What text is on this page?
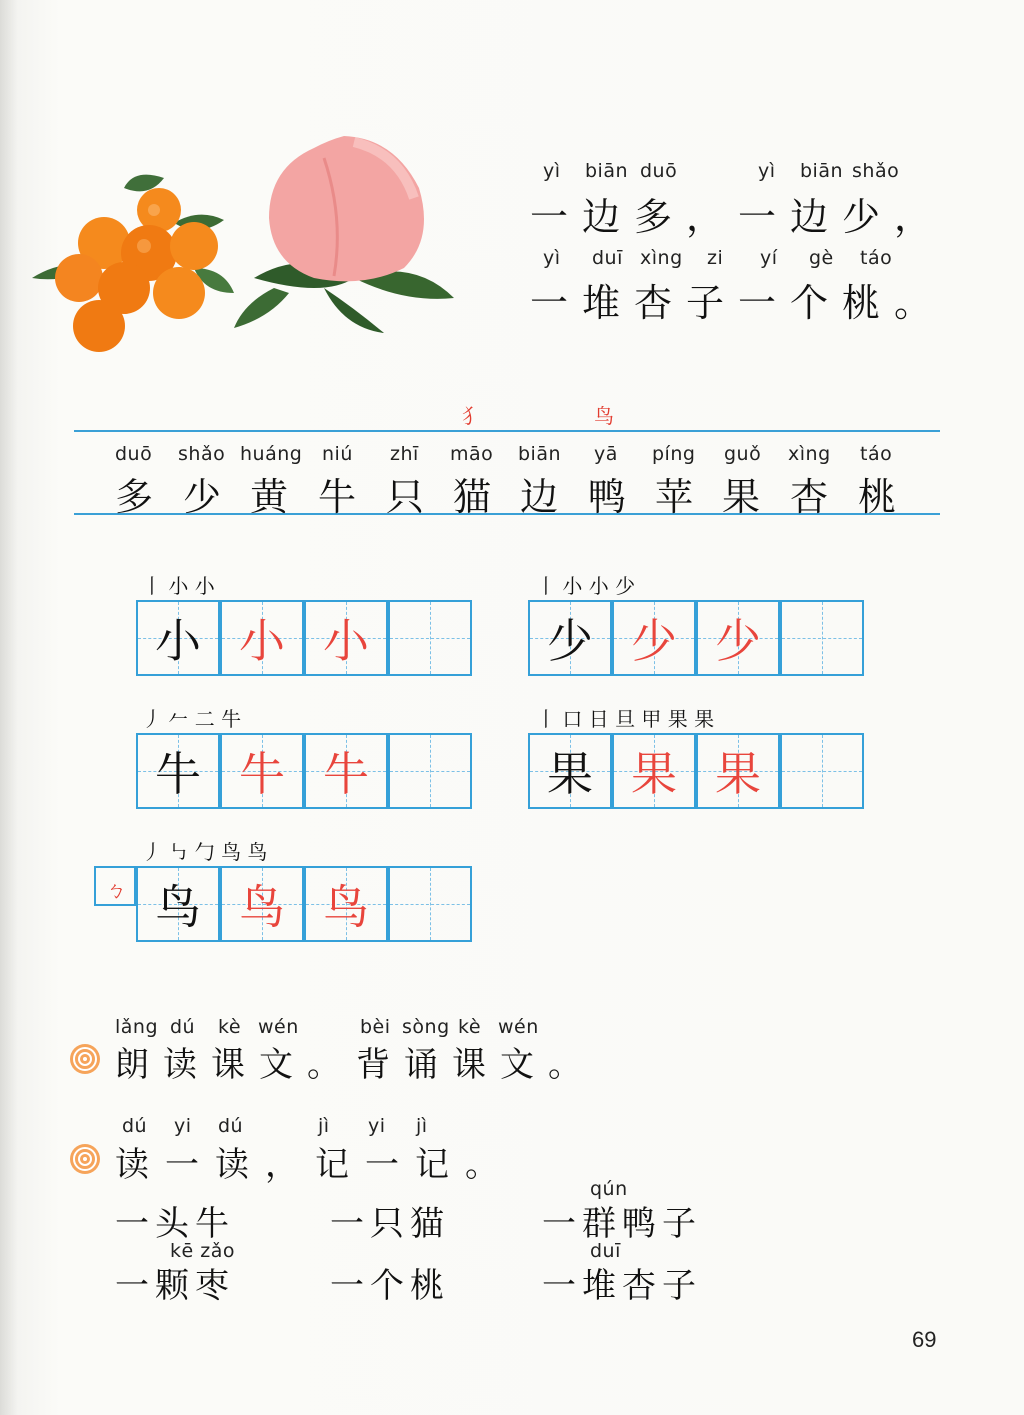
yì biān duō	yì biān shǎo
一边多，一边少，
yì duī xìng zi yí gè táo
一堆杏子一个桃。
犭	鸟
duō shǎo huáng niú zhī māo biān yā píng guǒ xìng táo
多 少 黄 牛 只 猫 边 鸭 苹 果 杏 桃
丨 小 小
小 小 小
丨 小 小 少
少 少 少
丿 𠂉 二 牛
牛 牛 牛
丨 口 日 旦 甲 果 果
果 果 果
丿 ㇉ 勹 鸟 鸟
ㄅ 鸟 鸟 鸟
lǎng dú kè wén	bèi sòng kè wén
朗读课文。 背诵课文。
dú yi dú	jì yi jì
读一读，记一记。
qún
一头牛	一只猫	一群鸭子
kē zǎo	duī
一颗枣	一个桃	一堆杏子
69
